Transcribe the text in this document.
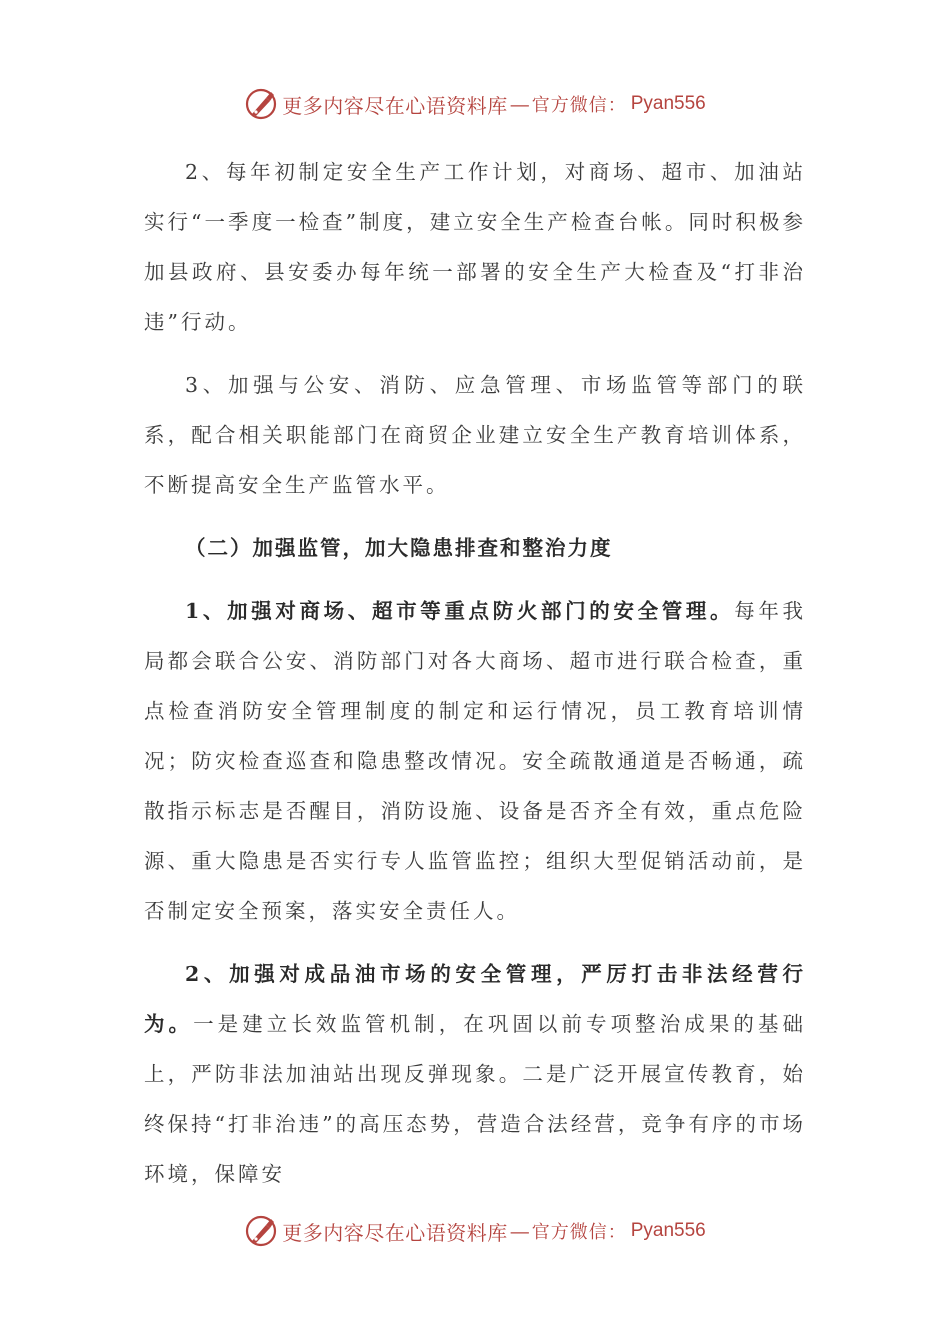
更多内容尽在心语资料库 — 官方微信： Pyan556

2、每年初制定安全生产工作计划，对商场、超市、加油站实行“一季度一检查”制度，建立安全生产检查台帐。同时积极参加县政府、县安委办每年统一部署的安全生产大检查及“打非治违”行动。

3、加强与公安、消防、应急管理、市场监管等部门的联系，配合相关职能部门在商贸企业建立安全生产教育培训体系，不断提高安全生产监管水平。

（二）加强监管，加大隐患排查和整治力度

1、加强对商场、超市等重点防火部门的安全管理。每年我局都会联合公安、消防部门对各大商场、超市进行联合检查，重点检查消防安全管理制度的制定和运行情况，员工教育培训情况；防灾检查巡查和隐患整改情况。安全疏散通道是否畅通，疏散指示标志是否醒目，消防设施、设备是否齐全有效，重点危险源、重大隐患是否实行专人监管监控；组织大型促销活动前，是否制定安全预案，落实安全责任人。

2、加强对成品油市场的安全管理，严厉打击非法经营行为。一是建立长效监管机制，在巩固以前专项整治成果的基础上，严防非法加油站出现反弹现象。二是广泛开展宣传教育，始终保持“打非治违”的高压态势，营造合法经营，竞争有序的市场环境，保障安

更多内容尽在心语资料库 — 官方微信： Pyan556
